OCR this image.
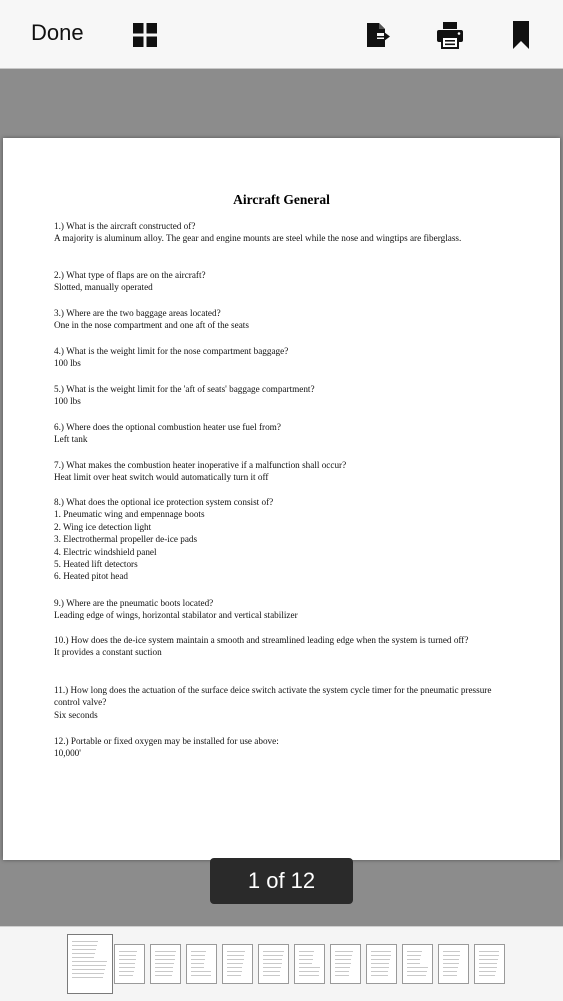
Done
Aircraft General
1.) What is the aircraft constructed of?
A majority is aluminum alloy. The gear and engine mounts are steel while the nose and wingtips are fiberglass.
2.) What type of flaps are on the aircraft?
Slotted, manually operated
3.) Where are the two baggage areas located?
One in the nose compartment and one aft of the seats
4.) What is the weight limit for the nose compartment baggage?
100 lbs
5.) What is the weight limit for the 'aft of seats' baggage compartment?
100 lbs
6.) Where does the optional combustion heater use fuel from?
Left tank
7.) What makes the combustion heater inoperative if a malfunction shall occur?
Heat limit over heat switch would automatically turn it off
8.) What does the optional ice protection system consist of?
1. Pneumatic wing and empennage boots
2. Wing ice detection light
3. Electrothermal propeller de-ice pads
4. Electric windshield panel
5. Heated lift detectors
6. Heated pitot head
9.) Where are the pneumatic boots located?
Leading edge of wings, horizontal stabilator and vertical stabilizer
10.) How does the de-ice system maintain a smooth and streamlined leading edge when the system is turned off?
It provides a constant suction
11.) How long does the actuation of the surface deice switch activate the system cycle timer for the pneumatic pressure control valve?
Six seconds
12.) Portable or fixed oxygen may be installed for use above:
10,000'
1 of 12
